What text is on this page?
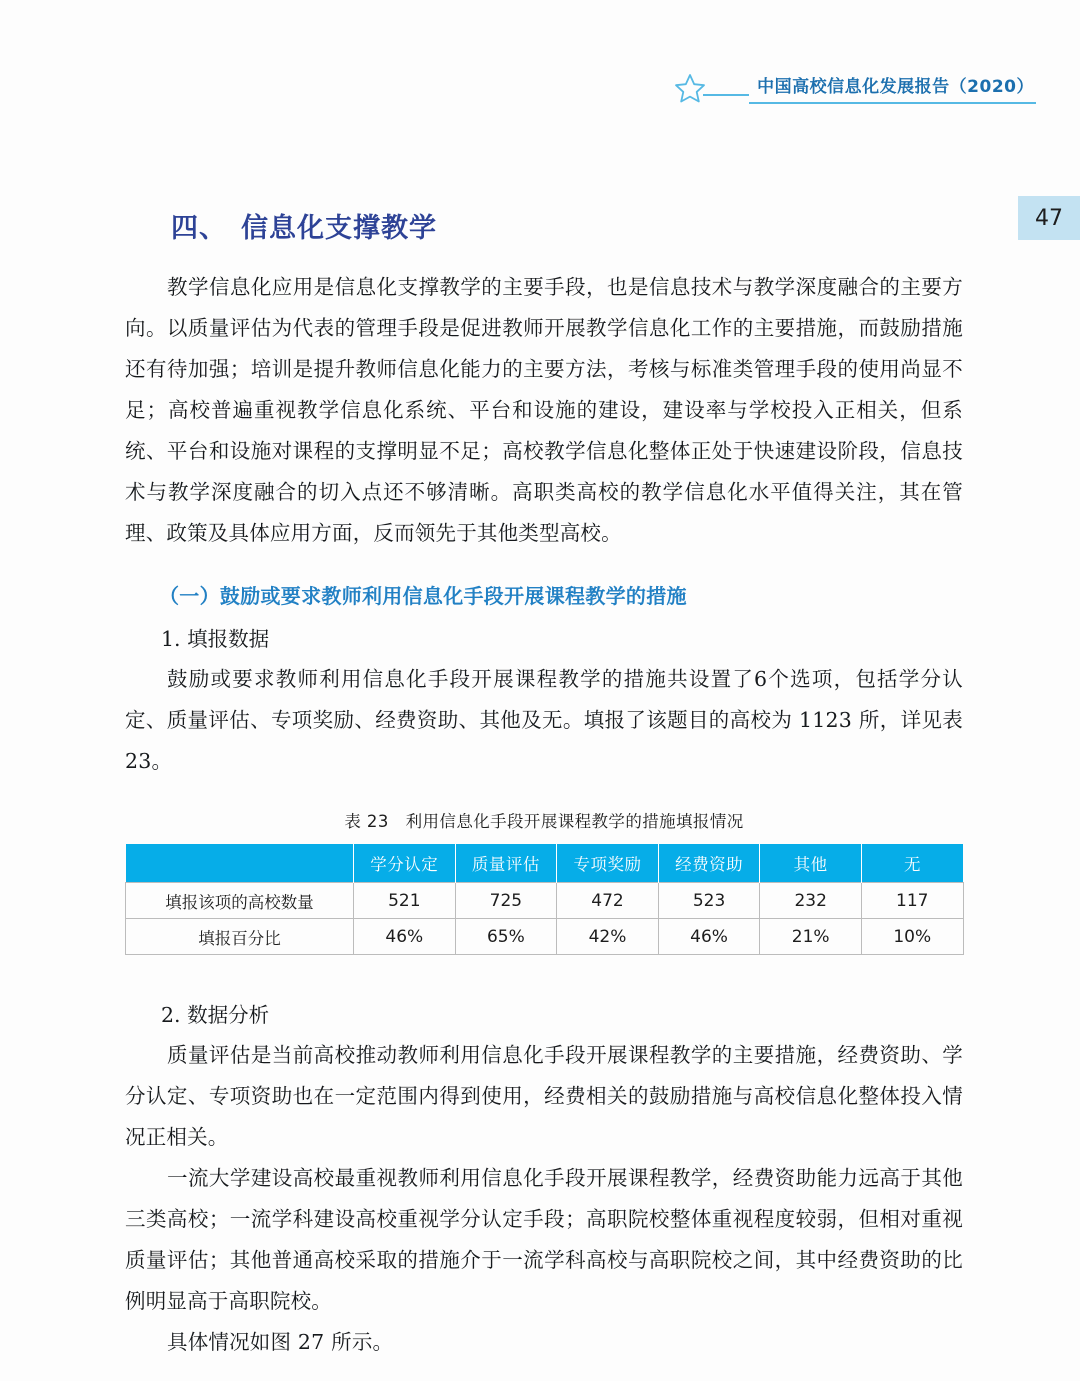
中国高校信息化发展报告（2020）
47
四、 信息化支撑教学

教学信息化应用是信息化支撑教学的主要手段，也是信息技术与教学深度融合的主要方向。以质量评估为代表的管理手段是促进教师开展教学信息化工作的主要措施，而鼓励措施还有待加强；培训是提升教师信息化能力的主要方法，考核与标准类管理手段的使用尚显不足；高校普遍重视教学信息化系统、平台和设施的建设，建设率与学校投入正相关，但系统、平台和设施对课程的支撑明显不足；高校教学信息化整体正处于快速建设阶段，信息技术与教学深度融合的切入点还不够清晰。高职类高校的教学信息化水平值得关注，其在管理、政策及具体应用方面，反而领先于其他类型高校。

（一）鼓励或要求教师利用信息化手段开展课程教学的措施

1. 填报数据

鼓励或要求教师利用信息化手段开展课程教学的措施共设置了6个选项，包括学分认定、质量评估、专项奖励、经费资助、其他及无。填报了该题目的高校为 1123 所，详见表 23。

表 23　利用信息化手段开展课程教学的措施填报情况
	学分认定	质量评估	专项奖励	经费资助	其他	无
填报该项的高校数量	521	725	472	523	232	117
填报百分比	46%	65%	42%	46%	21%	10%

2. 数据分析

质量评估是当前高校推动教师利用信息化手段开展课程教学的主要措施，经费资助、学分认定、专项资助也在一定范围内得到使用，经费相关的鼓励措施与高校信息化整体投入情况正相关。

一流大学建设高校最重视教师利用信息化手段开展课程教学，经费资助能力远高于其他三类高校；一流学科建设高校重视学分认定手段；高职院校整体重视程度较弱，但相对重视质量评估；其他普通高校采取的措施介于一流学科高校与高职院校之间，其中经费资助的比例明显高于高职院校。

具体情况如图 27 所示。
